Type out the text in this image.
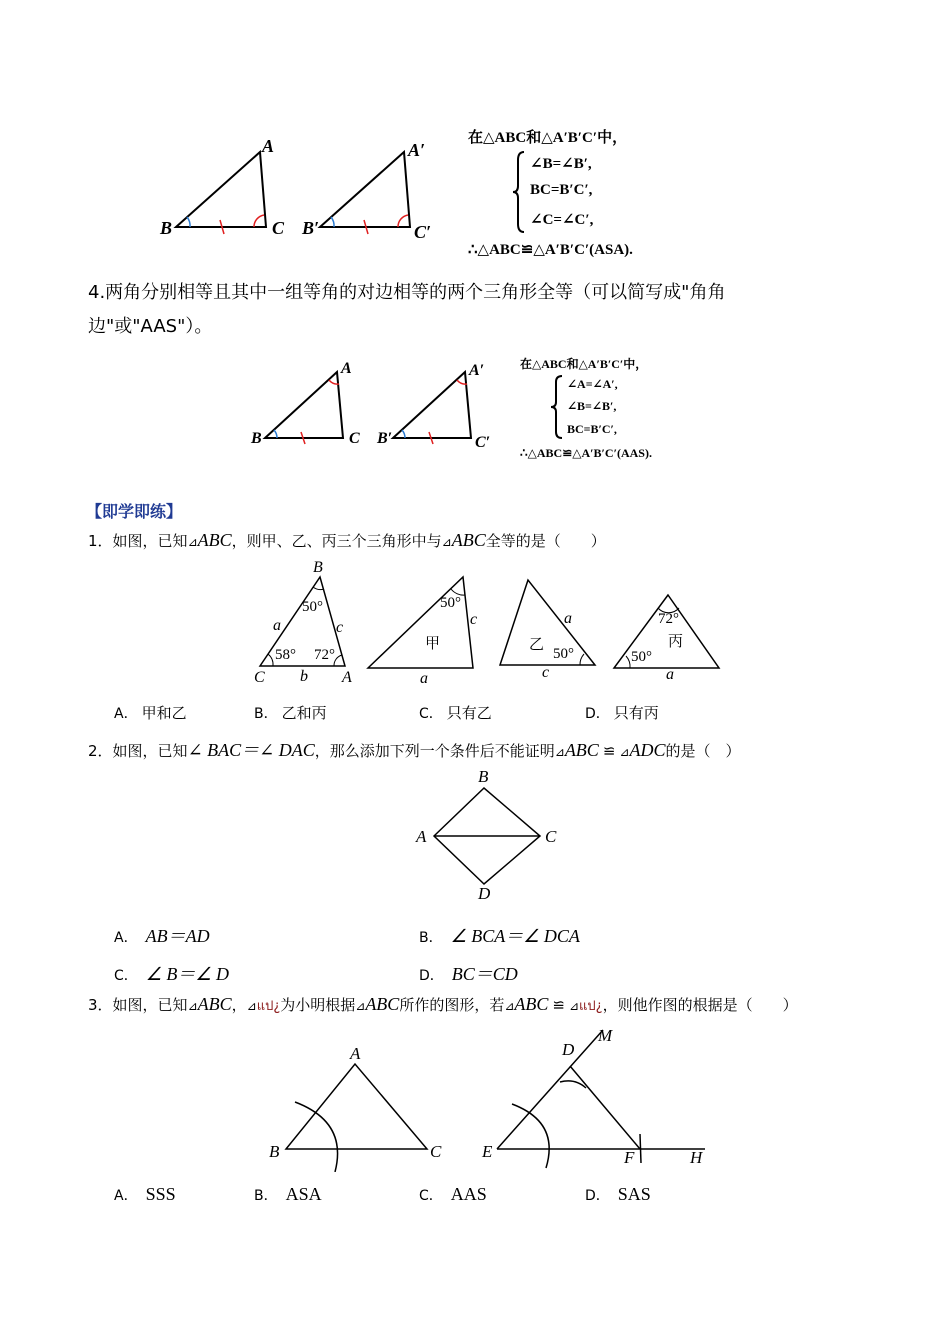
A
B	C
A′
B′	C′
在△ABC和△A′B′C′中，
∠B=∠B′,
BC=B′C′,
∠C=∠C′,
∴△ABC≌△A′B′C′(ASA).
4.两角分别相等且其中一组等角的对边相等的两个三角形全等（可以简写成"角角
边"或"AAS"）。
A
B	C
A′
B′	C′
在△ABC和△A′B′C′中，
∠A=∠A′,
∠B=∠B′,
BC=B′C′,
∴△ABC≌△A′B′C′(AAS).
【即学即练】
1．如图，已知⊿ABC，则甲、乙、丙三个三角形中与⊿ABC全等的是（　　）
B
C	A
a
b
c
50°
58° 72°
50°
c
甲
a
a
乙
50°
c
72°
丙
50°
a
A． 甲和乙	B． 乙和丙	C． 只有乙	D． 只有丙
2．如图，已知∠ BAC＝∠ DAC，那么添加下列一个条件后不能证明⊿ABC ≌ ⊿ADC的是（　）
B
A	C
D
A． AB＝AD	B． ∠ BCA＝∠ DCA
C． ∠ B＝∠ D	D． BC＝CD
3．如图，已知⊿ABC，⊿แป¿为小明根据⊿ABC所作的图形，若⊿ABC ≌ ⊿แป¿，则他作图的根据是（　　）
A
B	C
D
M
E	F	H
A． SSS	B． ASA	C． AAS	D． SAS
